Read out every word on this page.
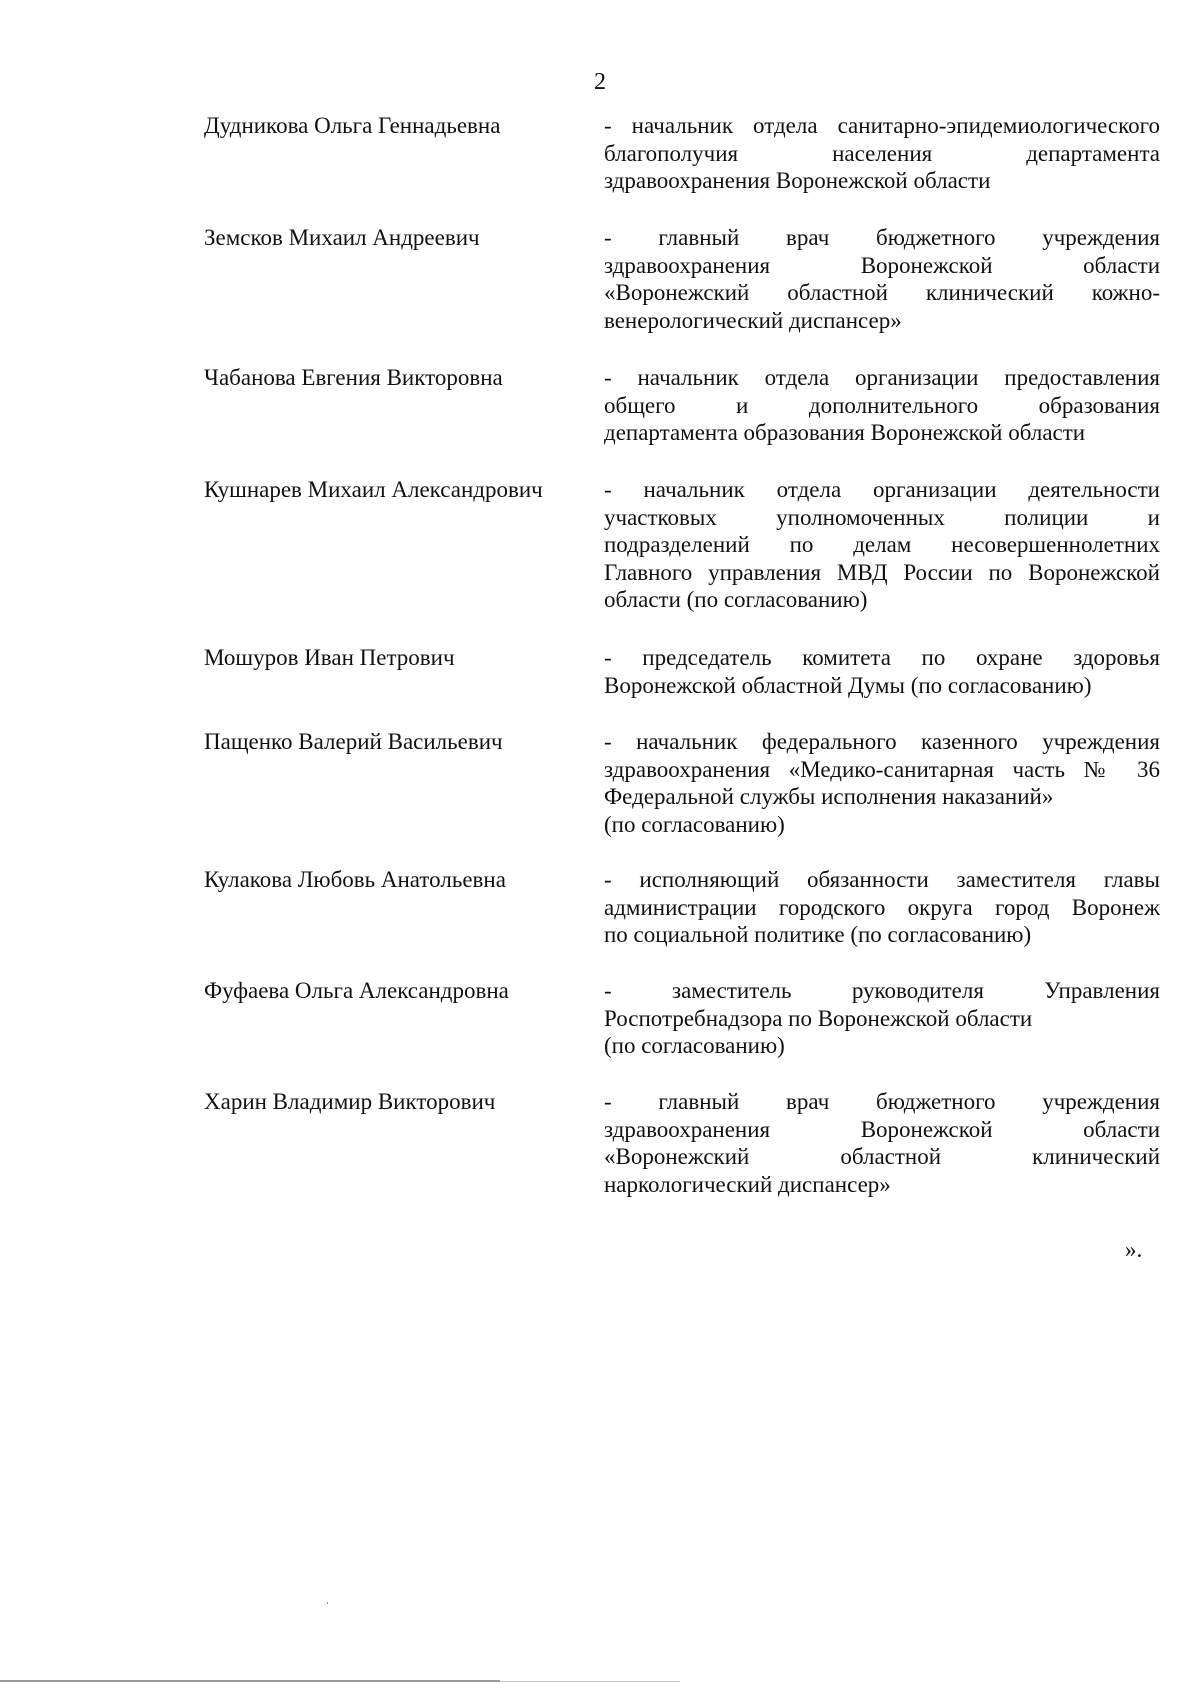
2
Дудникова Ольга Геннадьевна	- начальник отдела санитарно-эпидемиологического
благополучия населения департамента
здравоохранения Воронежской области
Земсков Михаил Андреевич	- главный врач бюджетного учреждения
здравоохранения Воронежской области
«Воронежский областной клинический кожно-
венерологический диспансер»
Чабанова Евгения Викторовна	- начальник отдела организации предоставления
общего и дополнительного образования
департамента образования Воронежской области
Кушнарев Михаил Александрович	- начальник отдела организации деятельности
участковых уполномоченных полиции и
подразделений по делам несовершеннолетних
Главного управления МВД России по Воронежской
области (по согласованию)
Мошуров Иван Петрович	- председатель комитета по охране здоровья
Воронежской областной Думы (по согласованию)
Пащенко Валерий Васильевич	- начальник федерального казенного учреждения
здравоохранения «Медико-санитарная часть № 36
Федеральной службы исполнения наказаний»
(по согласованию)
Кулакова Любовь Анатольевна	- исполняющий обязанности заместителя главы
администрации городского округа город Воронеж
по социальной политике (по согласованию)
Фуфаева Ольга Александровна	- заместитель руководителя Управления
Роспотребнадзора по Воронежской области
(по согласованию)
Харин Владимир Викторович	- главный врач бюджетного учреждения
здравоохранения Воронежской области
«Воронежский областной клинический
наркологический диспансер»
».
